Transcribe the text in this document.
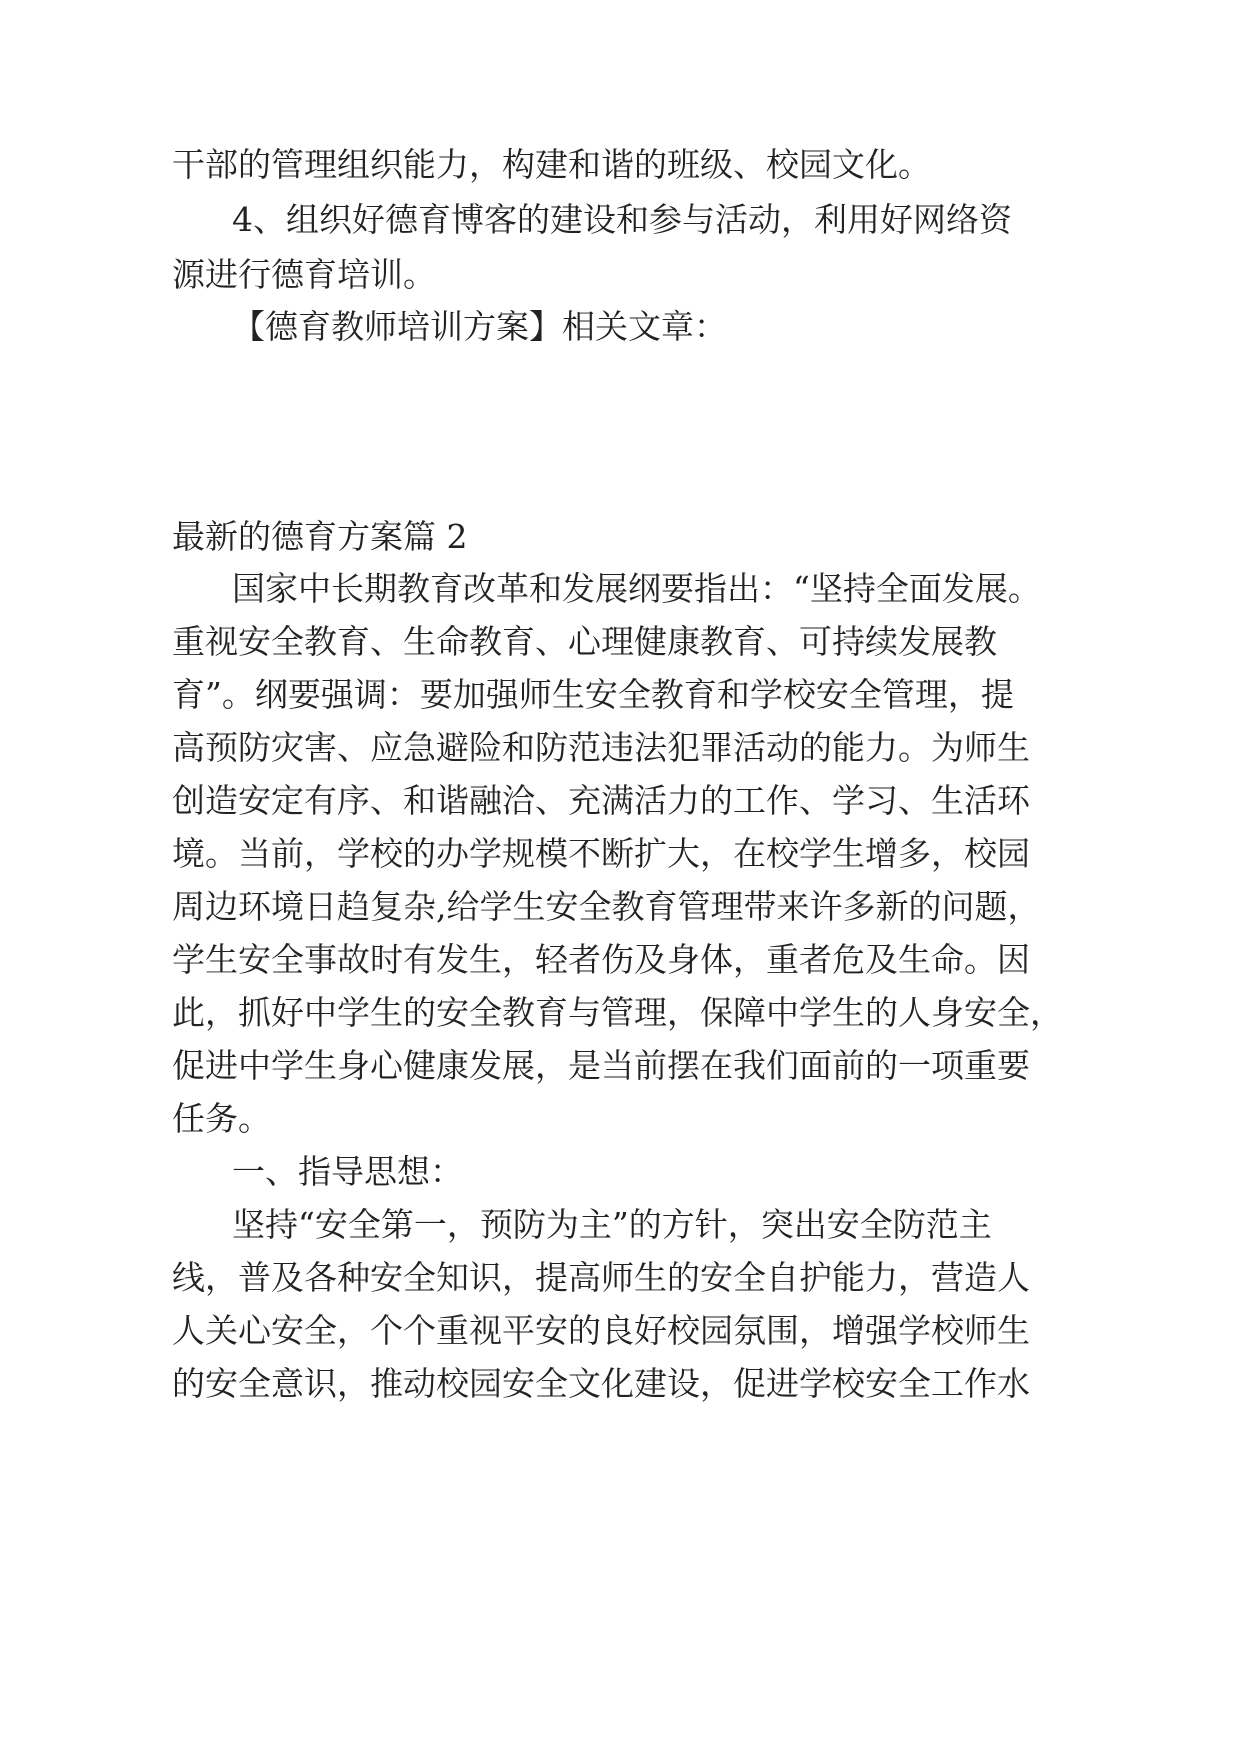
干部的管理组织能力，构建和谐的班级、校园文化。

4、组织好德育博客的建设和参与活动，利用好网络资

源进行德育培训。

【德育教师培训方案】相关文章：

最新的德育方案篇 2

国家中长期教育改革和发展纲要指出：“坚持全面发展。

重视安全教育、生命教育、心理健康教育、可持续发展教

育”。纲要强调：要加强师生安全教育和学校安全管理，提

高预防灾害、应急避险和防范违法犯罪活动的能力。为师生

创造安定有序、和谐融洽、充满活力的工作、学习、生活环

境。当前，学校的办学规模不断扩大，在校学生增多，校园

周边环境日趋复杂,给学生安全教育管理带来许多新的问题，

学生安全事故时有发生，轻者伤及身体，重者危及生命。因

此，抓好中学生的安全教育与管理，保障中学生的人身安全，

促进中学生身心健康发展，是当前摆在我们面前的一项重要

任务。

一、指导思想：

坚持“安全第一，预防为主”的方针，突出安全防范主

线，普及各种安全知识，提高师生的安全自护能力，营造人

人关心安全，个个重视平安的良好校园氛围，增强学校师生

的安全意识，推动校园安全文化建设，促进学校安全工作水
